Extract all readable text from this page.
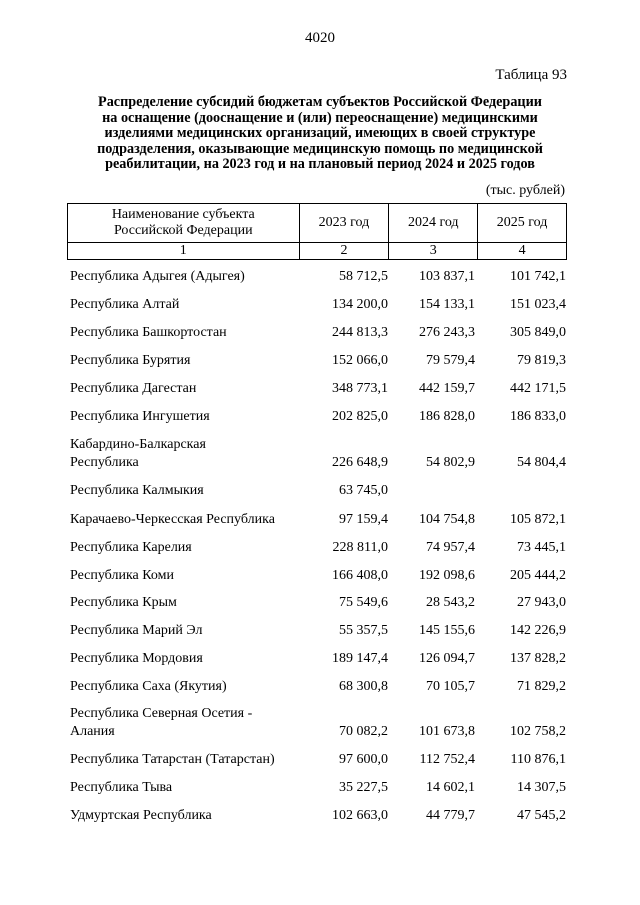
4020
Таблица 93
Распределение субсидий бюджетам субъектов Российской Федерации
на оснащение (дооснащение и (или) переоснащение) медицинскими
изделиями медицинских организаций, имеющих в своей структуре
подразделения, оказывающие медицинскую помощь по медицинской
реабилитации, на 2023 год и на плановый период 2024 и 2025 годов
(тыс. рублей)
Наименование субъекта
Российской Федерации	2023 год	2024 год	2025 год
1	2	3	4
Республика Адыгея (Адыгея)	58 712,5	103 837,1	101 742,1
Республика Алтай	134 200,0	154 133,1	151 023,4
Республика Башкортостан	244 813,3	276 243,3	305 849,0
Республика Бурятия	152 066,0	79 579,4	79 819,3
Республика Дагестан	348 773,1	442 159,7	442 171,5
Республика Ингушетия	202 825,0	186 828,0	186 833,0
Кабардино-Балкарская
Республика	226 648,9	54 802,9	54 804,4
Республика Калмыкия	63 745,0
Карачаево-Черкесская Республика	97 159,4	104 754,8	105 872,1
Республика Карелия	228 811,0	74 957,4	73 445,1
Республика Коми	166 408,0	192 098,6	205 444,2
Республика Крым	75 549,6	28 543,2	27 943,0
Республика Марий Эл	55 357,5	145 155,6	142 226,9
Республика Мордовия	189 147,4	126 094,7	137 828,2
Республика Саха (Якутия)	68 300,8	70 105,7	71 829,2
Республика Северная Осетия -
Алания	70 082,2	101 673,8	102 758,2
Республика Татарстан (Татарстан)	97 600,0	112 752,4	110 876,1
Республика Тыва	35 227,5	14 602,1	14 307,5
Удмуртская Республика	102 663,0	44 779,7	47 545,2
